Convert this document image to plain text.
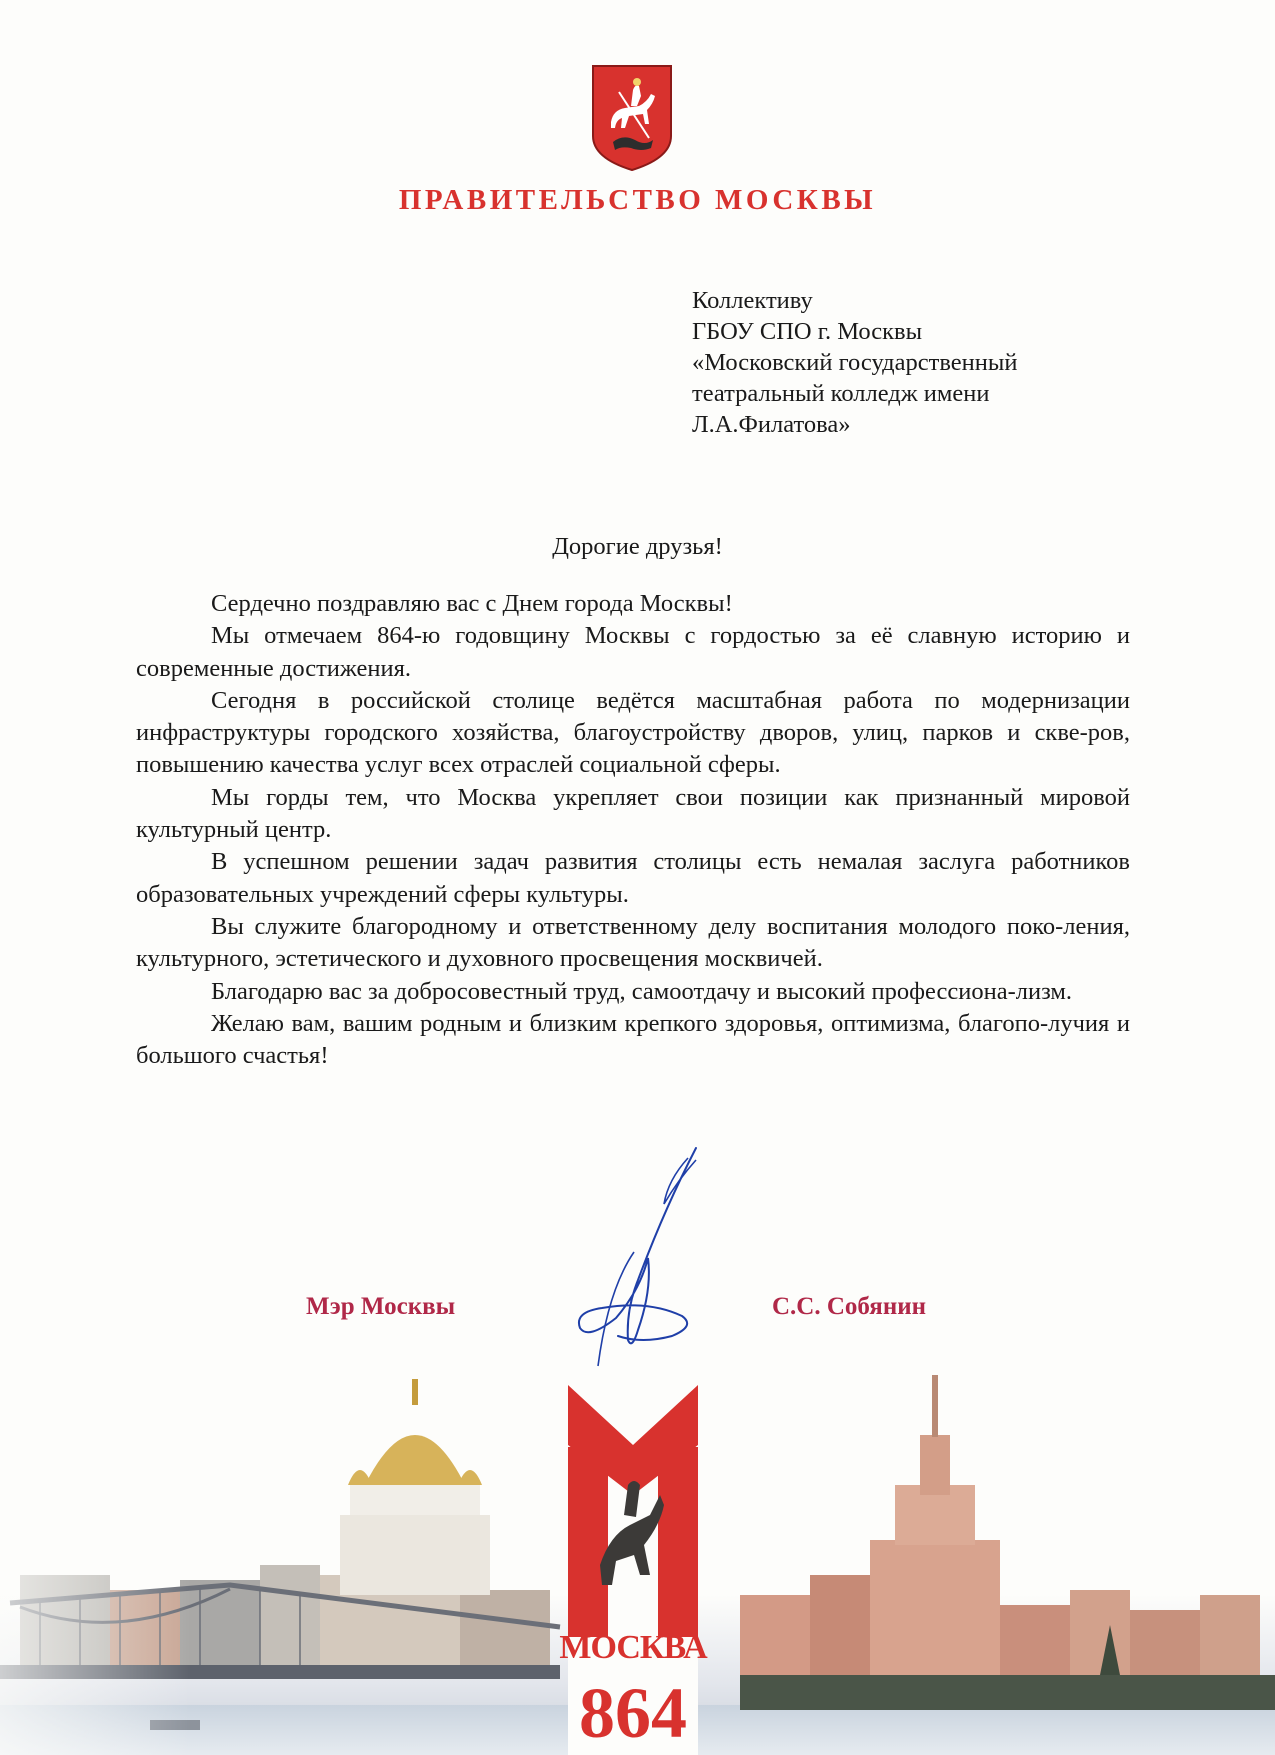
ПРАВИТЕЛЬСТВО МОСКВЫ
Коллективу
ГБОУ СПО г. Москвы
«Московский государственный
театральный колледж имени
Л.А.Филатова»
Дорогие друзья!

Сердечно поздравляю вас с Днем города Москвы!

Мы отмечаем 864-ю годовщину Москвы с гордостью за её славную историю и современные достижения.

Сегодня в российской столице ведётся масштабная работа по модернизации инфраструктуры городского хозяйства, благоустройству дворов, улиц, парков и скве-ров, повышению качества услуг всех отраслей социальной сферы.

Мы горды тем, что Москва укрепляет свои позиции как признанный мировой культурный центр.

В успешном решении задач развития столицы есть немалая заслуга работников образовательных учреждений сферы культуры.

Вы служите благородному и ответственному делу воспитания молодого поко-ления, культурного, эстетического и духовного просвещения москвичей.

Благодарю вас за добросовестный труд, самоотдачу и высокий профессиона-лизм.

Желаю вам, вашим родным и близким крепкого здоровья, оптимизма, благопо-лучия и большого счастья!

Мэр Москвы	С.С. Собянин
МОСКВА
864
